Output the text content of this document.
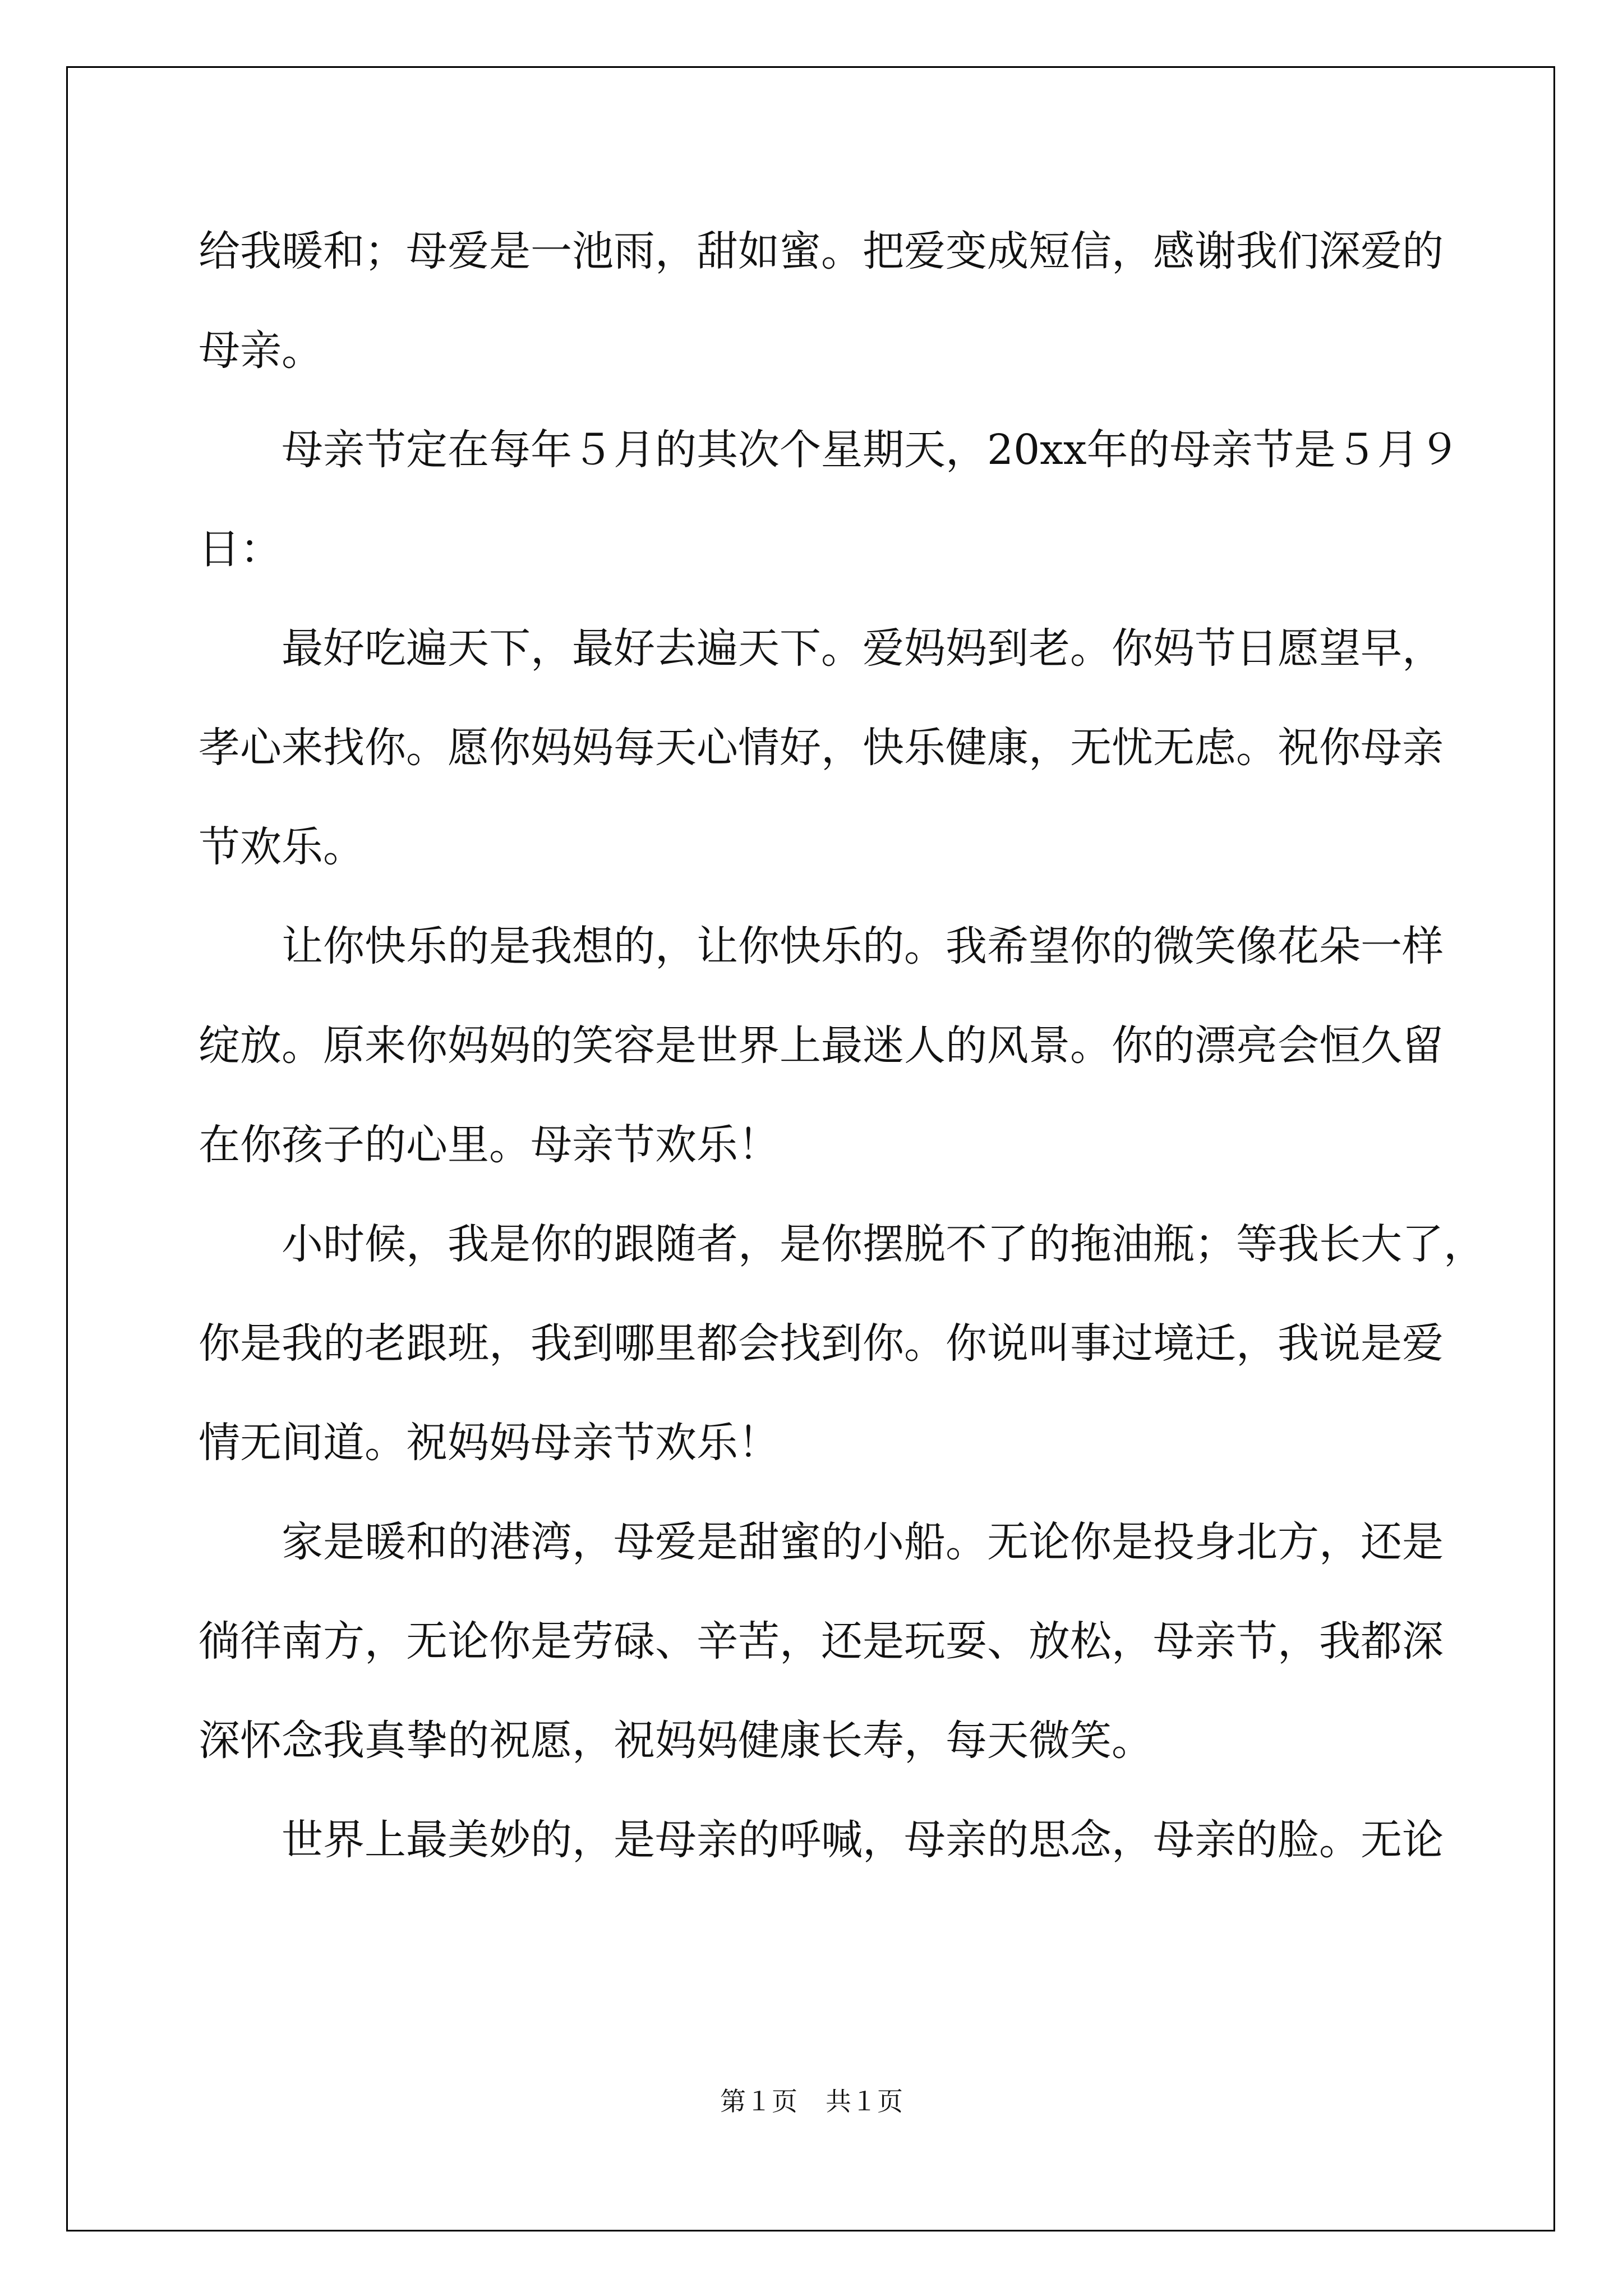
给我暖和；母爱是一池雨，甜如蜜。把爱变成短信，感谢我们深爱的
母亲。
母亲节定在每年５月的其次个星期天，20xx年的母亲节是５月９
日：
最好吃遍天下，最好去遍天下。爱妈妈到老。你妈节日愿望早，
孝心来找你。愿你妈妈每天心情好，快乐健康，无忧无虑。祝你母亲
节欢乐。
让你快乐的是我想的，让你快乐的。我希望你的微笑像花朵一样
绽放。原来你妈妈的笑容是世界上最迷人的风景。你的漂亮会恒久留
在你孩子的心里。母亲节欢乐！
小时候，我是你的跟随者，是你摆脱不了的拖油瓶；等我长大了，
你是我的老跟班，我到哪里都会找到你。你说叫事过境迁，我说是爱
情无间道。祝妈妈母亲节欢乐！
家是暖和的港湾，母爱是甜蜜的小船。无论你是投身北方，还是
徜徉南方，无论你是劳碌、辛苦，还是玩耍、放松，母亲节，我都深
深怀念我真挚的祝愿，祝妈妈健康长寿，每天微笑。
世界上最美妙的，是母亲的呼喊，母亲的思念，母亲的脸。无论
第１页 共１页
